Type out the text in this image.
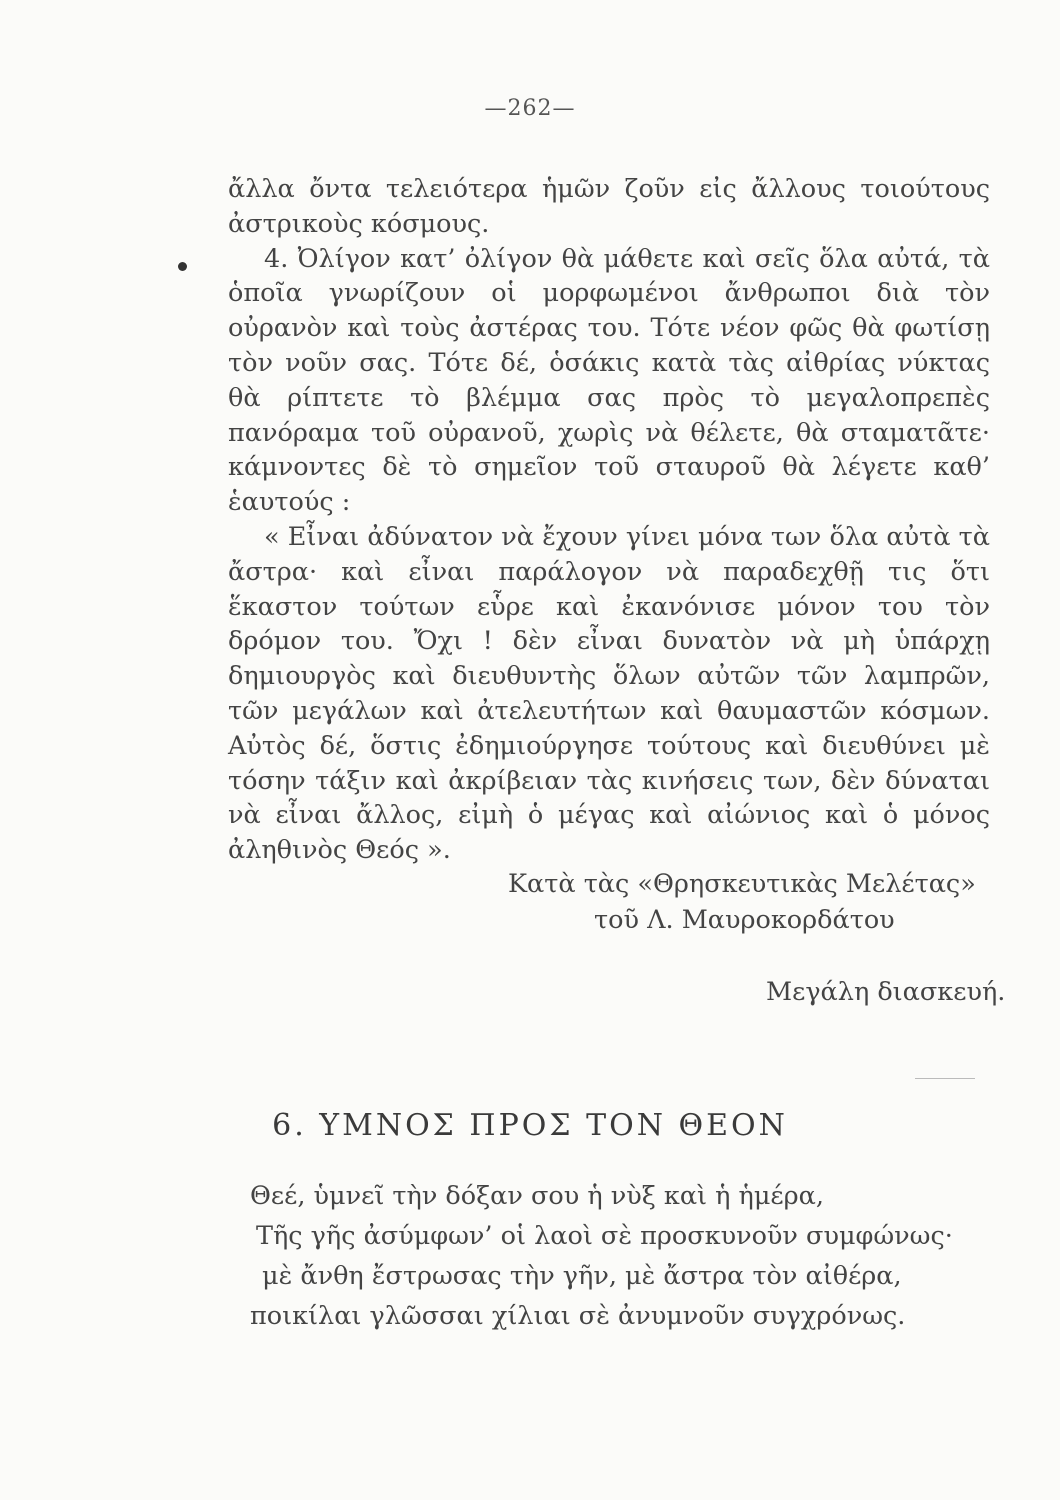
—262—

ἄλλα ὄντα τελειότερα ἡμῶν ζοῦν εἰς ἄλλους τοιούτους ἀστρικοὺς κόσμους.

4. Ὀλίγον κατ’ ὀλίγον θὰ μάθετε καὶ σεῖς ὅλα αὐτά, τὰ ὁποῖα γνωρίζουν οἱ μορφωμένοι ἄνθρωποι διὰ τὸν οὐρανὸν καὶ τοὺς ἀστέρας του. Τότε νέον φῶς θὰ φωτίσῃ τὸν νοῦν σας. Τότε δέ, ὁσάκις κατὰ τὰς αἰθρίας νύκτας θὰ ρίπτετε τὸ βλέμμα σας πρὸς τὸ μεγαλοπρεπὲς πανόραμα τοῦ οὐρανοῦ, χωρὶς νὰ θέλετε, θὰ σταματᾶτε· κάμνοντες δὲ τὸ σημεῖον τοῦ σταυροῦ θὰ λέγετε καθ’ ἑαυτούς :

« Εἶναι ἀδύνατον νὰ ἔχουν γίνει μόνα των ὅλα αὐτὰ τὰ ἄστρα· καὶ εἶναι παράλογον νὰ παραδεχθῇ τις ὅτι ἕκαστον τούτων εὗρε καὶ ἐκανόνισε μόνον του τὸν δρόμον του. Ὄχι ! δὲν εἶναι δυνατὸν νὰ μὴ ὑπάρχῃ δημιουργὸς καὶ διευθυντὴς ὅλων αὐτῶν τῶν λαμπρῶν, τῶν μεγάλων καὶ ἀτελευτήτων καὶ θαυμαστῶν κόσμων. Αὐτὸς δέ, ὅστις ἐδημιούργησε τούτους καὶ διευθύνει μὲ τόσην τάξιν καὶ ἀκρίβειαν τὰς κινήσεις των, δὲν δύναται νὰ εἶναι ἄλλος, εἰμὴ ὁ μέγας καὶ αἰώνιος καὶ ὁ μόνος ἀληθινὸς Θεός ».

Κατὰ τὰς «Θρησκευτικὰς Μελέτας»
τοῦ Λ. Μαυροκορδάτου
Μεγάλη διασκευή.
6. ΥΜΝΟΣ ΠΡΟΣ ΤΟΝ ΘΕΟΝ
Θεέ, ὑμνεῖ τὴν δόξαν σου ἡ νὺξ καὶ ἡ ἡμέρα,
Τῆς γῆς ἀσύμφων’ οἱ λαοὶ σὲ προσκυνοῦν συμφώνως·
μὲ ἄνθη ἔστρωσας τὴν γῆν, μὲ ἄστρα τὸν αἰθέρα,
ποικίλαι γλῶσσαι χίλιαι σὲ ἀνυμνοῦν συγχρόνως.
